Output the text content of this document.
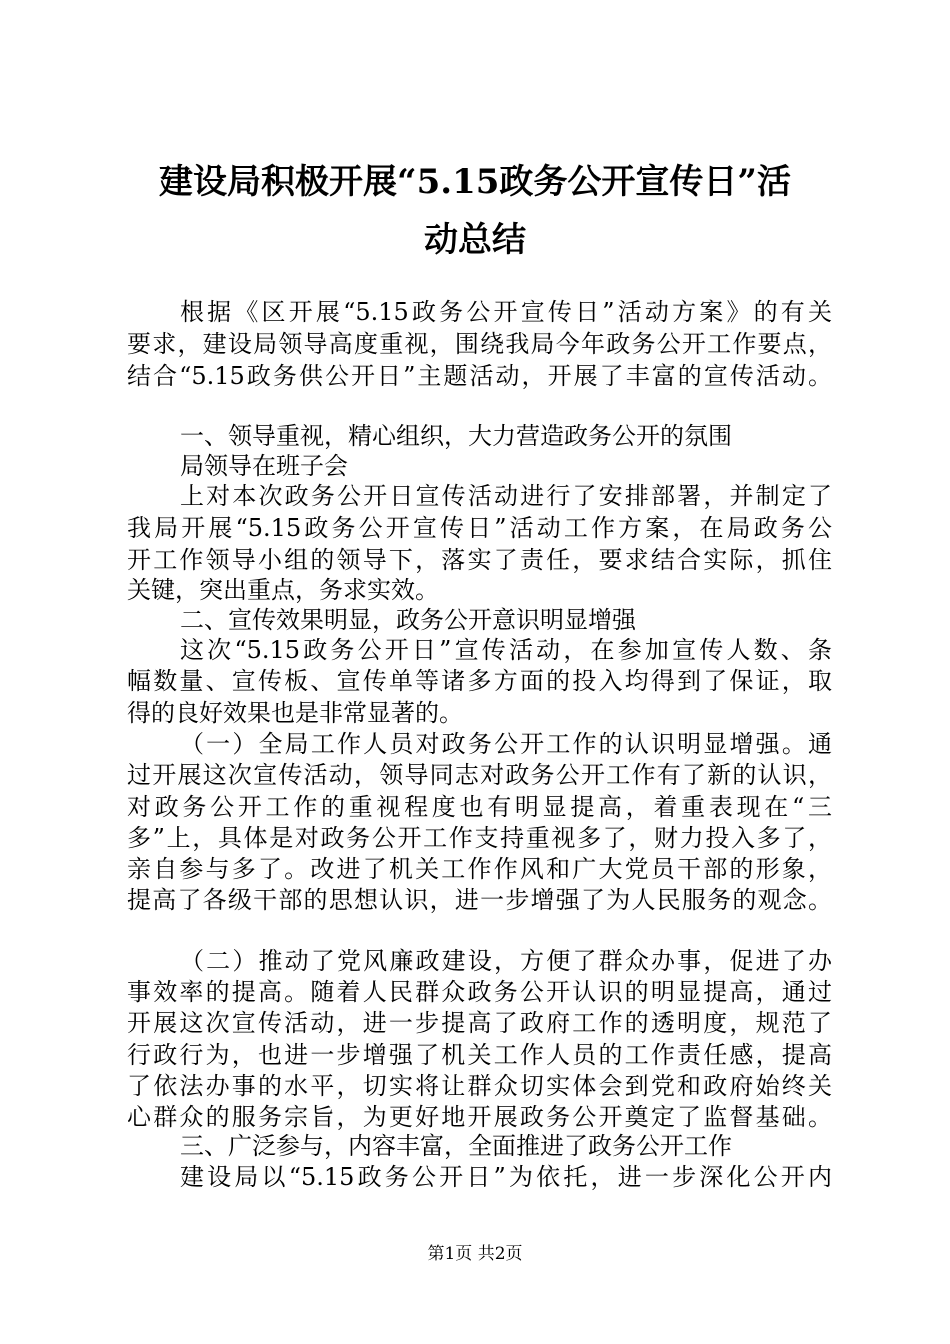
建设局积极开展“5.15政务公开宣传日”活
动总结
根据《区开展“5.15政务公开宣传日”活动方案》的有关
要求，建设局领导高度重视，围绕我局今年政务公开工作要点，
结合“5.15政务供公开日”主题活动，开展了丰富的宣传活动。
一、领导重视，精心组织，大力营造政务公开的氛围
局领导在班子会
上对本次政务公开日宣传活动进行了安排部署，并制定了
我局开展“5.15政务公开宣传日”活动工作方案，在局政务公
开工作领导小组的领导下，落实了责任，要求结合实际，抓住
关键，突出重点，务求实效。
二、宣传效果明显，政务公开意识明显增强
这次“5.15政务公开日”宣传活动，在参加宣传人数、条
幅数量、宣传板、宣传单等诸多方面的投入均得到了保证，取
得的良好效果也是非常显著的。
（一）全局工作人员对政务公开工作的认识明显增强。通
过开展这次宣传活动，领导同志对政务公开工作有了新的认识，
对政务公开工作的重视程度也有明显提高，着重表现在“三
多”上，具体是对政务公开工作支持重视多了，财力投入多了，
亲自参与多了。改进了机关工作作风和广大党员干部的形象，
提高了各级干部的思想认识，进一步增强了为人民服务的观念。
（二）推动了党风廉政建设，方便了群众办事，促进了办
事效率的提高。随着人民群众政务公开认识的明显提高，通过
开展这次宣传活动，进一步提高了政府工作的透明度，规范了
行政行为，也进一步增强了机关工作人员的工作责任感，提高
了依法办事的水平，切实将让群众切实体会到党和政府始终关
心群众的服务宗旨，为更好地开展政务公开奠定了监督基础。
三、广泛参与，内容丰富，全面推进了政务公开工作
建设局以“5.15政务公开日”为依托，进一步深化公开内
第1页 共2页
